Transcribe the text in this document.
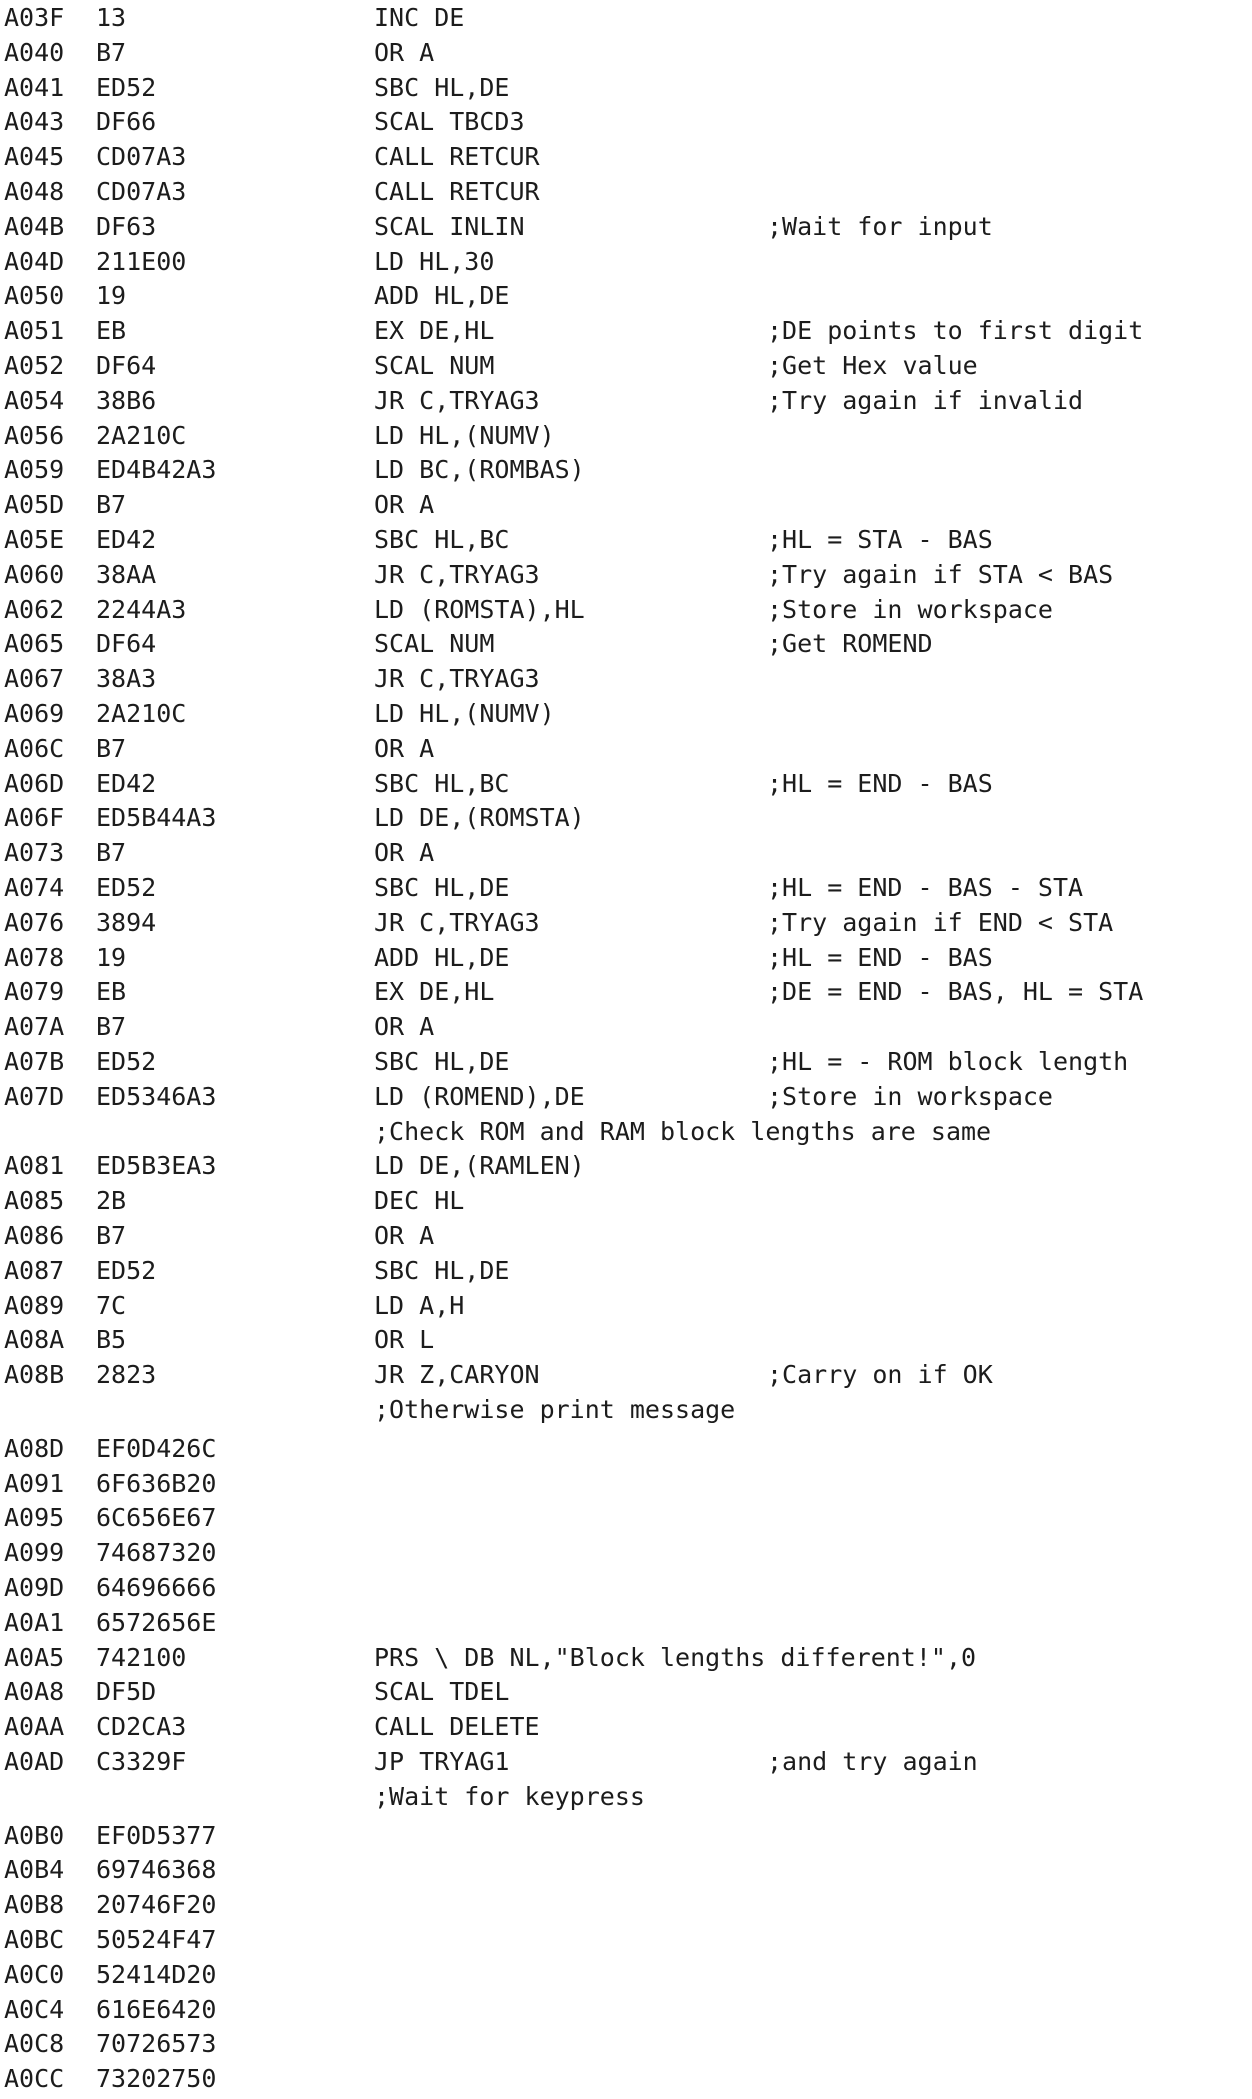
A03F 13	INC DE
A040 B7	OR A
A041 ED52	SBC HL,DE
A043 DF66	SCAL TBCD3
A045 CD07A3	CALL RETCUR
A048 CD07A3	CALL RETCUR
A04B DF63	SCAL INLIN	;Wait for input
A04D 211E00	LD HL,30
A050 19	ADD HL,DE
A051 EB	EX DE,HL	;DE points to first digit
A052 DF64	SCAL NUM	;Get Hex value
A054 38B6	JR C,TRYAG3	;Try again if invalid
A056 2A210C	LD HL,(NUMV)
A059 ED4B42A3	LD BC,(ROMBAS)
A05D B7	OR A
A05E ED42	SBC HL,BC	;HL = STA - BAS
A060 38AA	JR C,TRYAG3	;Try again if STA < BAS
A062 2244A3	LD (ROMSTA),HL	;Store in workspace
A065 DF64	SCAL NUM	;Get ROMEND
A067 38A3	JR C,TRYAG3
A069 2A210C	LD HL,(NUMV)
A06C B7	OR A
A06D ED42	SBC HL,BC	;HL = END - BAS
A06F ED5B44A3	LD DE,(ROMSTA)
A073 B7	OR A
A074 ED52	SBC HL,DE	;HL = END - BAS - STA
A076 3894	JR C,TRYAG3	;Try again if END < STA
A078 19	ADD HL,DE	;HL = END - BAS
A079 EB	EX DE,HL	;DE = END - BAS, HL = STA
A07A B7	OR A
A07B ED52	SBC HL,DE	;HL = - ROM block length
A07D ED5346A3	LD (ROMEND),DE	;Store in workspace
;Check ROM and RAM block lengths are same
A081 ED5B3EA3	LD DE,(RAMLEN)
A085 2B	DEC HL
A086 B7	OR A
A087 ED52	SBC HL,DE
A089 7C	LD A,H
A08A B5	OR L
A08B 2823	JR Z,CARYON	;Carry on if OK
;Otherwise print message
A08D EF0D426C
A091 6F636B20
A095 6C656E67
A099 74687320
A09D 64696666
A0A1 6572656E
A0A5 742100	PRS \ DB NL,"Block lengths different!",0
A0A8 DF5D	SCAL TDEL
A0AA CD2CA3	CALL DELETE
A0AD C3329F	JP TRYAG1	;and try again
;Wait for keypress
A0B0 EF0D5377
A0B4 69746368
A0B8 20746F20
A0BC 50524F47
A0C0 52414D20
A0C4 616E6420
A0C8 70726573
A0CC 73202750
